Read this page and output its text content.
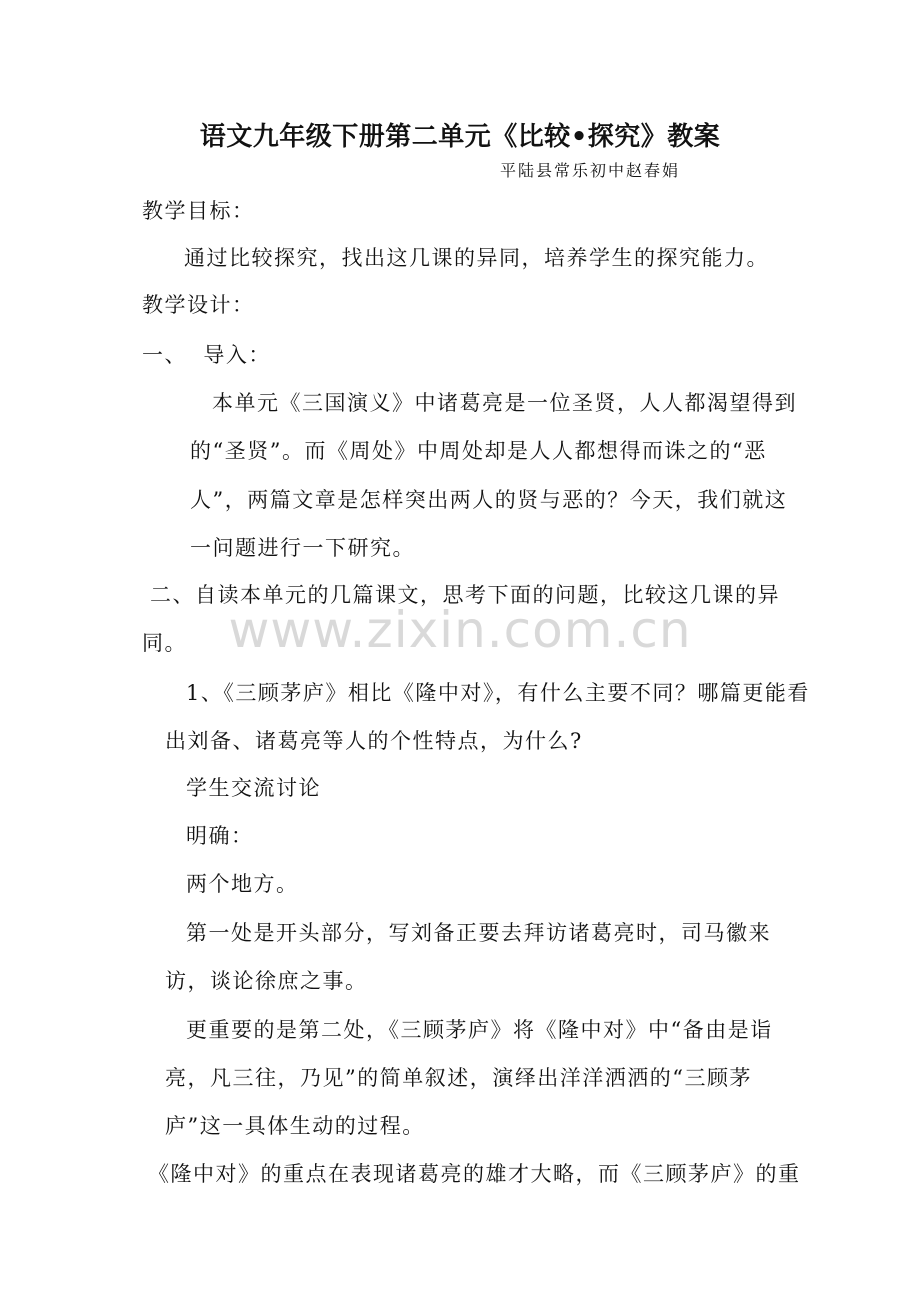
语文九年级下册第二单元《比较•探究》教案
平陆县常乐初中赵春娟
教学目标：
通过比较探究，找出这几课的异同，培养学生的探究能力。
教学设计：
一、  导入：
本单元《三国演义》中诸葛亮是一位圣贤，人人都渴望得到
的“圣贤”。而《周处》中周处却是人人都想得而诛之的“恶
人”，两篇文章是怎样突出两人的贤与恶的？今天，我们就这
一问题进行一下研究。
二、自读本单元的几篇课文，思考下面的问题，比较这几课的异
同。
1、《三顾茅庐》相比《隆中对》，有什么主要不同？哪篇更能看
出刘备、诸葛亮等人的个性特点，为什么?
学生交流讨论
明确：
两个地方。
第一处是开头部分，写刘备正要去拜访诸葛亮时，司马徽来
访，谈论徐庶之事。
更重要的是第二处，《三顾茅庐》将《隆中对》中“备由是诣
亮，凡三往，乃见”的简单叙述，演绎出洋洋洒洒的“三顾茅
庐”这一具体生动的过程。
《隆中对》的重点在表现诸葛亮的雄才大略，而《三顾茅庐》的重
www.zixin.com.cn
